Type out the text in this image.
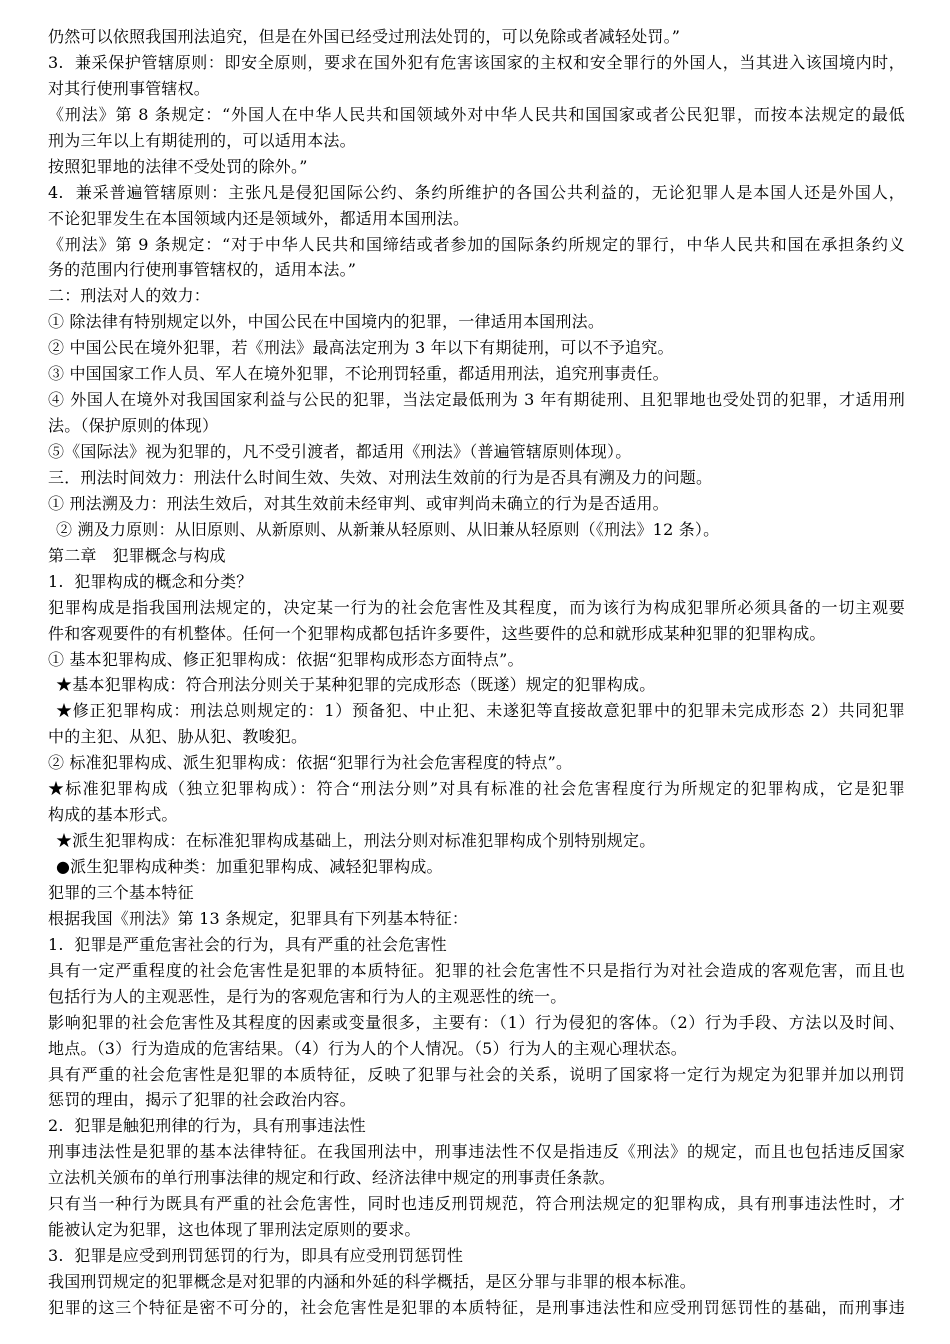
仍然可以依照我国刑法追究，但是在外国已经受过刑法处罚的，可以免除或者减轻处罚。”
3.  兼采保护管辖原则：即安全原则，要求在国外犯有危害该国家的主权和安全罪行的外国人，当其进入该国境内时，
对其行使刑事管辖权。
《刑法》第 8 条规定：“外国人在中华人民共和国领域外对中华人民共和国国家或者公民犯罪，而按本法规定的最低
刑为三年以上有期徒刑的，可以适用本法。
按照犯罪地的法律不受处罚的除外。”
4.  兼采普遍管辖原则：主张凡是侵犯国际公约、条约所维护的各国公共利益的，无论犯罪人是本国人还是外国人，
不论犯罪发生在本国领域内还是领域外，都适用本国刑法。
《刑法》第 9 条规定：“对于中华人民共和国缔结或者参加的国际条约所规定的罪行，中华人民共和国在承担条约义
务的范围内行使刑事管辖权的，适用本法。”
二：刑法对人的效力：
① 除法律有特别规定以外，中国公民在中国境内的犯罪，一律适用本国刑法。
② 中国公民在境外犯罪，若《刑法》最高法定刑为 3 年以下有期徒刑，可以不予追究。
③ 中国国家工作人员、军人在境外犯罪，不论刑罚轻重，都适用刑法，追究刑事责任。
④ 外国人在境外对我国国家利益与公民的犯罪，当法定最低刑为 3 年有期徒刑、且犯罪地也受处罚的犯罪，才适用刑
法。（保护原则的体现）
⑤《国际法》视为犯罪的，凡不受引渡者，都适用《刑法》（普遍管辖原则体现）。
三．刑法时间效力：刑法什么时间生效、失效、对刑法生效前的行为是否具有溯及力的问题。
① 刑法溯及力：刑法生效后，对其生效前未经审判、或审判尚未确立的行为是否适用。
② 溯及力原则：从旧原则、从新原则、从新兼从轻原则、从旧兼从轻原则（《刑法》12 条）。
第二章   犯罪概念与构成
1.  犯罪构成的概念和分类？
犯罪构成是指我国刑法规定的，决定某一行为的社会危害性及其程度，而为该行为构成犯罪所必须具备的一切主观要
件和客观要件的有机整体。任何一个犯罪构成都包括许多要件，这些要件的总和就形成某种犯罪的犯罪构成。
① 基本犯罪构成、修正犯罪构成：依据“犯罪构成形态方面特点”。
★基本犯罪构成：符合刑法分则关于某种犯罪的完成形态（既遂）规定的犯罪构成。
★修正犯罪构成：刑法总则规定的：1）预备犯、中止犯、未遂犯等直接故意犯罪中的犯罪未完成形态 2）共同犯罪
中的主犯、从犯、胁从犯、教唆犯。
② 标准犯罪构成、派生犯罪构成：依据“犯罪行为社会危害程度的特点”。
★标准犯罪构成（独立犯罪构成）：符合“刑法分则”对具有标准的社会危害程度行为所规定的犯罪构成，它是犯罪
构成的基本形式。
★派生犯罪构成：在标准犯罪构成基础上，刑法分则对标准犯罪构成个别特别规定。
●派生犯罪构成种类：加重犯罪构成、减轻犯罪构成。
犯罪的三个基本特征
根据我国《刑法》第 13 条规定，犯罪具有下列基本特征：
1.  犯罪是严重危害社会的行为，具有严重的社会危害性
具有一定严重程度的社会危害性是犯罪的本质特征。犯罪的社会危害性不只是指行为对社会造成的客观危害，而且也
包括行为人的主观恶性，是行为的客观危害和行为人的主观恶性的统一。
影响犯罪的社会危害性及其程度的因素或变量很多，主要有：（1）行为侵犯的客体。（2）行为手段、方法以及时间、
地点。（3）行为造成的危害结果。（4）行为人的个人情况。（5）行为人的主观心理状态。
具有严重的社会危害性是犯罪的本质特征，反映了犯罪与社会的关系，说明了国家将一定行为规定为犯罪并加以刑罚
惩罚的理由，揭示了犯罪的社会政治内容。
2.  犯罪是触犯刑律的行为，具有刑事违法性
刑事违法性是犯罪的基本法律特征。在我国刑法中，刑事违法性不仅是指违反《刑法》的规定，而且也包括违反国家
立法机关颁布的单行刑事法律的规定和行政、经济法律中规定的刑事责任条款。
只有当一种行为既具有严重的社会危害性，同时也违反刑罚规范，符合刑法规定的犯罪构成，具有刑事违法性时，才
能被认定为犯罪，这也体现了罪刑法定原则的要求。
3.  犯罪是应受到刑罚惩罚的行为，即具有应受刑罚惩罚性
我国刑罚规定的犯罪概念是对犯罪的内涵和外延的科学概括，是区分罪与非罪的根本标准。
犯罪的这三个特征是密不可分的，社会危害性是犯罪的本质特征，是刑事违法性和应受刑罚惩罚性的基础，而刑事违
